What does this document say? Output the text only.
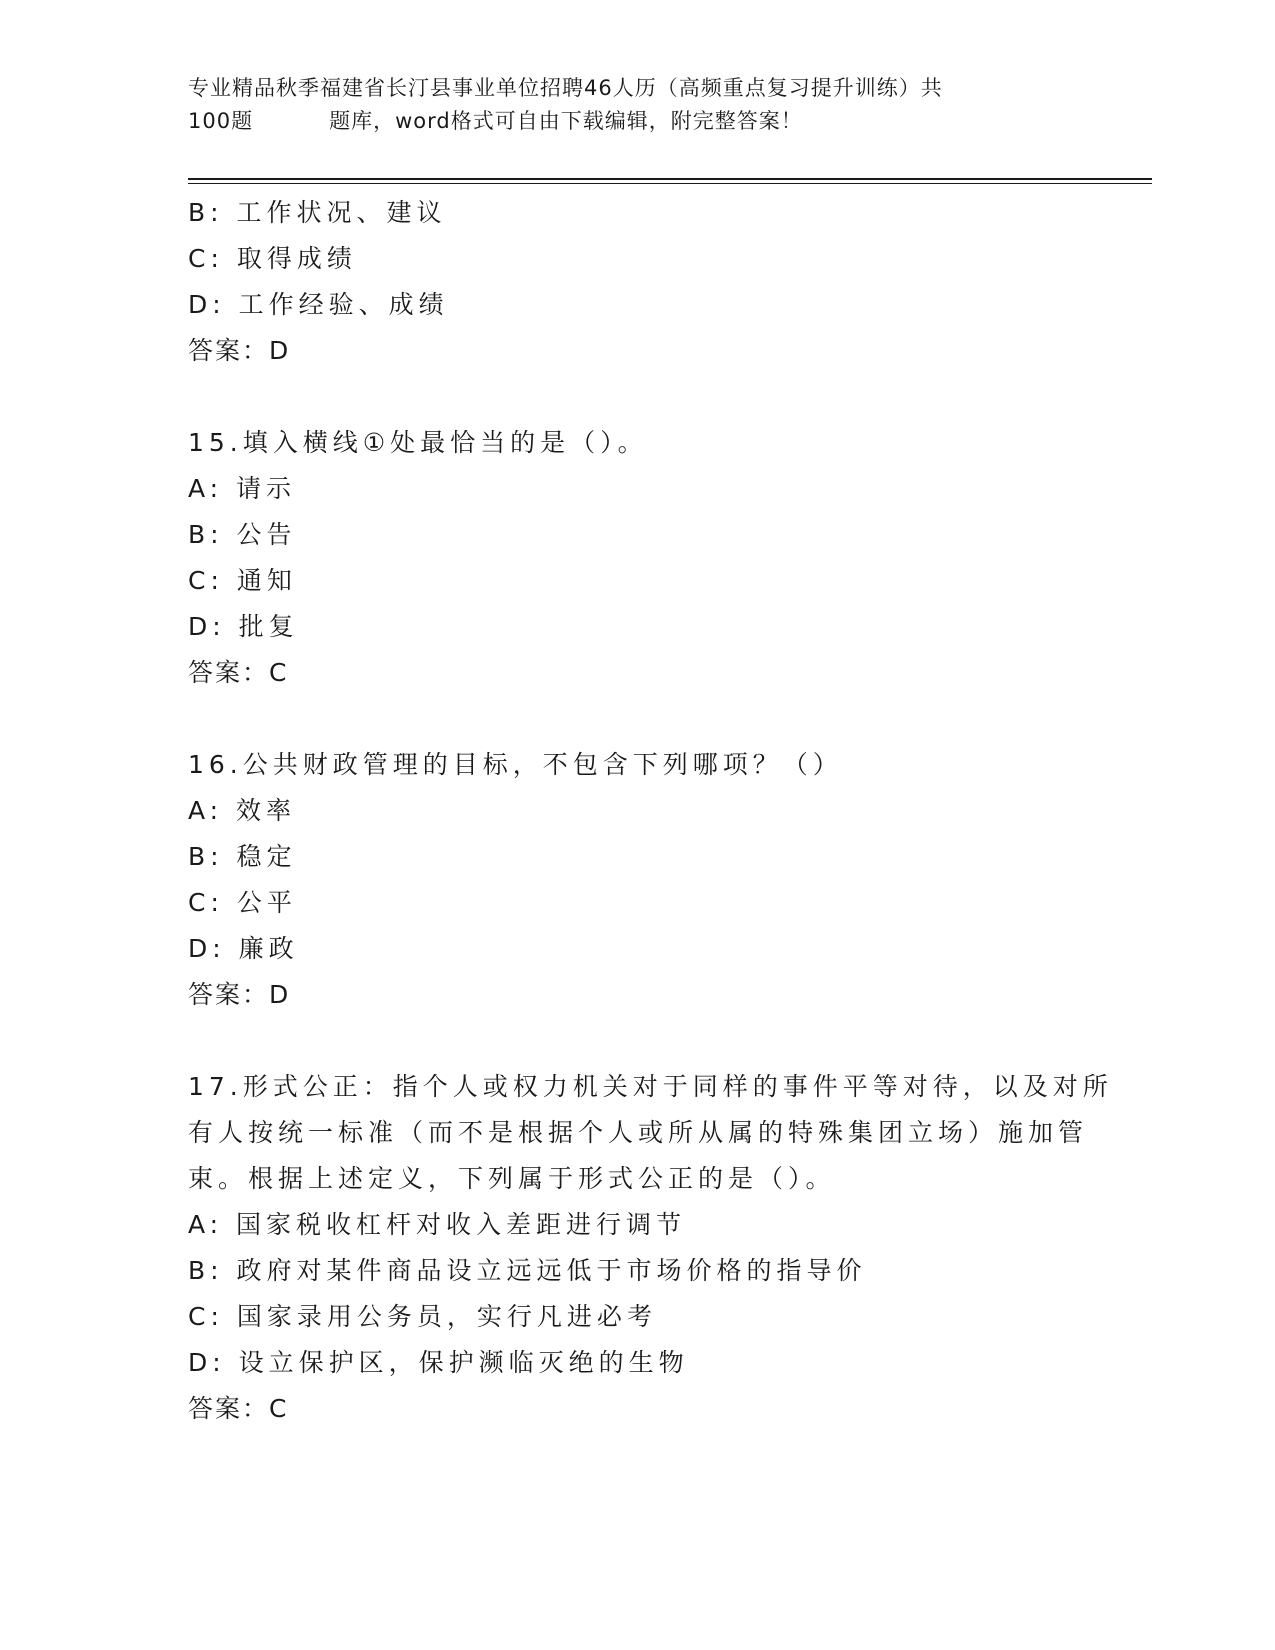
专业精品秋季福建省长汀县事业单位招聘46人历（高频重点复习提升训练）共
100题	题库，word格式可自由下载编辑，附完整答案！
B: 工作状况、建议
C: 取得成绩
D: 工作经验、成绩
答案：D
15.填入横线①处最恰当的是（）。
A: 请示
B: 公告
C: 通知
D: 批复
答案：C
16.公共财政管理的目标，不包含下列哪项？（）
A: 效率
B: 稳定
C: 公平
D: 廉政
答案：D
17.形式公正：指个人或权力机关对于同样的事件平等对待，以及对所
有人按统一标准（而不是根据个人或所从属的特殊集团立场）施加管
束。根据上述定义，下列属于形式公正的是（）。
A: 国家税收杠杆对收入差距进行调节
B: 政府对某件商品设立远远低于市场价格的指导价
C: 国家录用公务员，实行凡进必考
D: 设立保护区，保护濒临灭绝的生物
答案：C
